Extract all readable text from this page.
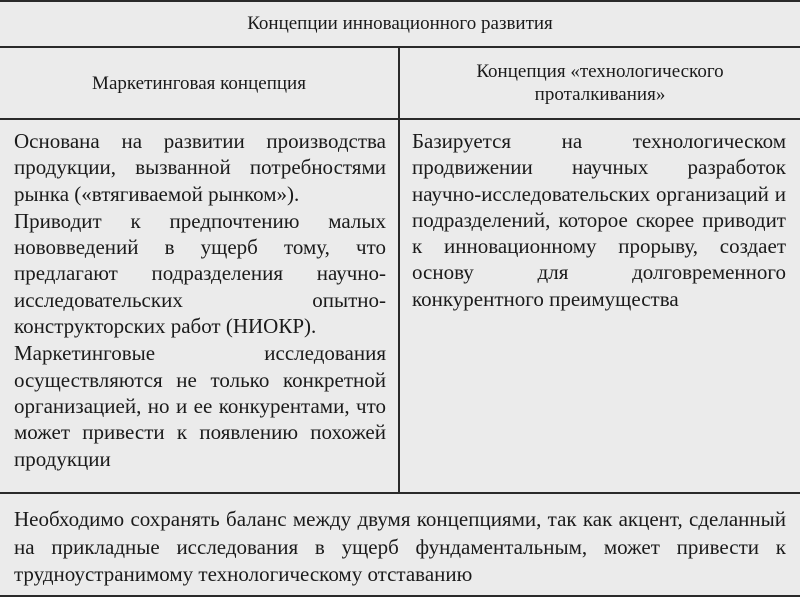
Концепции инновационного развития
Маркетинговая концепция
Концепция «технологического проталкивания»

Основана на развитии производства продукции, вызванной потребностями рынка («втягиваемой рынком»).

Приводит к предпочтению малых нововведений в ущерб тому, что предлагают подразделения научно-исследовательских опытно-конструкторских работ (НИОКР).

Маркетинговые исследования осуществляются не только конкретной организацией, но и ее конкурентами, что может привести к появлению похожей продукции

Базируется на технологическом продвижении научных разработок научно-исследовательских организаций и подразделений, которое скорее приводит к инновационному прорыву, создает основу для долговременного конкурентного преимущества

Необходимо сохранять баланс между двумя концепциями, так как акцент, сделанный на прикладные исследования в ущерб фундаментальным, может привести к трудноустранимому технологическому отставанию
